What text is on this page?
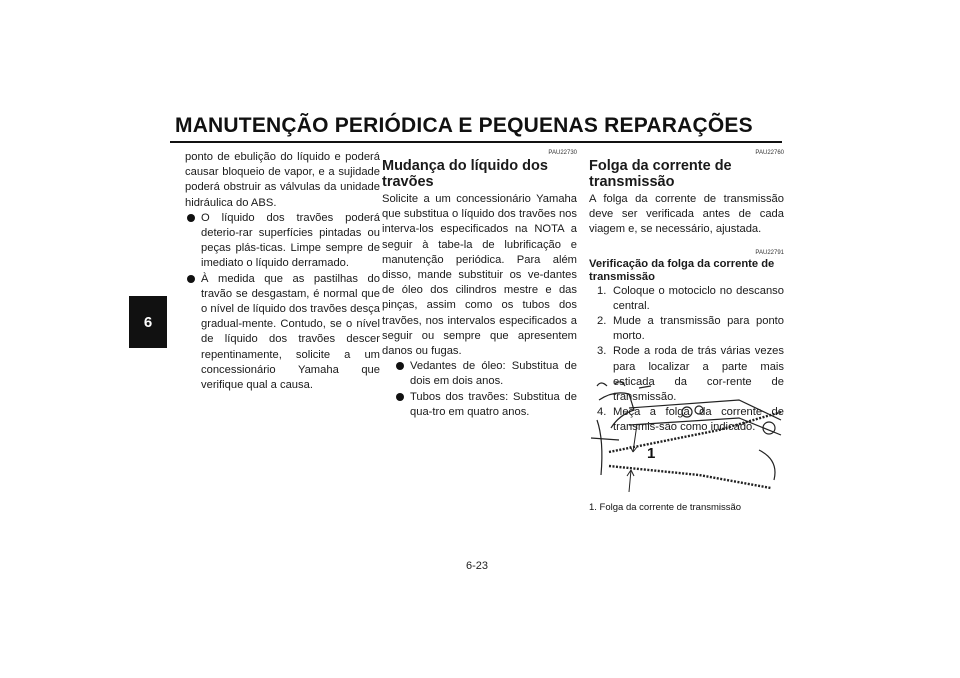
MANUTENÇÃO PERIÓDICA E PEQUENAS REPARAÇÕES
6

ponto de ebulição do líquido e poderá causar bloqueio de vapor, e a sujidade poderá obstruir as válvulas da unidade hidráulica do ABS.

O líquido dos travões poderá deterio-rar superfícies pintadas ou peças plás-ticas. Limpe sempre de imediato o líquido derramado.
À medida que as pastilhas do travão se desgastam, é normal que o nível de líquido dos travões desça gradual-mente. Contudo, se o nível de líquido dos travões descer repentinamente, solicite a um concessionário Yamaha que verifique qual a causa.
PAU22730
Mudança do líquido dos travões

Solicite a um concessionário Yamaha que substitua o líquido dos travões nos interva-los especificados na NOTA a seguir à tabe-la de lubrificação e manutenção periódica. Para além disso, mande substituir os ve-dantes de óleo dos cilindros mestre e das pinças, assim como os tubos dos travões, nos intervalos especificados a seguir ou sempre que apresentem danos ou fugas.

Vedantes de óleo: Substitua de dois em dois anos.
Tubos dos travões: Substitua de qua-tro em quatro anos.
PAU22760
Folga da corrente de transmissão

A folga da corrente de transmissão deve ser verificada antes de cada viagem e, se necessário, ajustada.

PAU22791
Verificação da folga da corrente de transmissão
1. Coloque o motociclo no descanso central.
2. Mude a transmissão para ponto morto.
3. Rode a roda de trás várias vezes para localizar a parte mais esticada da cor-rente de transmissão.
4. Meça a folga da corrente de transmis-são como indicado.
1
1. Folga da corrente de transmissão
6-23
